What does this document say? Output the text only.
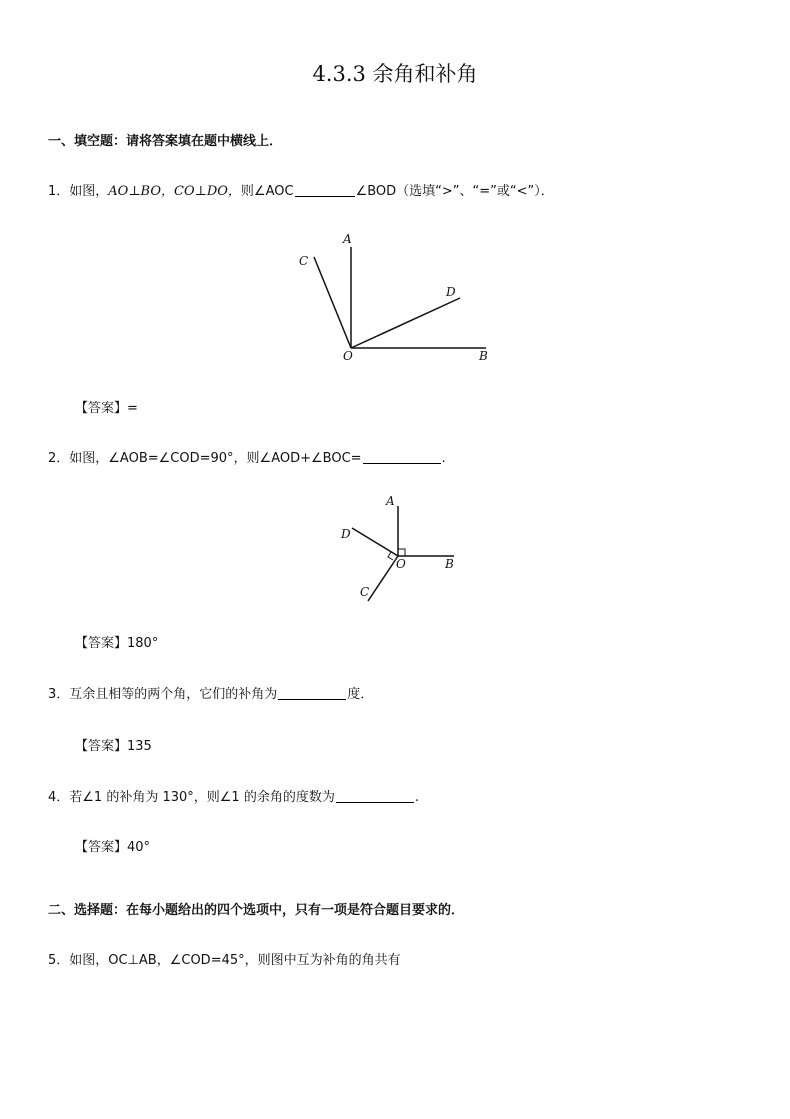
4.3.3 余角和补角
一、填空题：请将答案填在题中横线上．
1．如图，AO⊥BO，CO⊥DO，则∠AOC	∠BOD（选填“>”、“=”或“<”）．
A
C
D
O	B
A
D
O	B
C
【答案】=
2．如图，∠AOB=∠COD=90°，则∠AOD+∠BOC=	.
【答案】180°
3．互余且相等的两个角，它们的补角为	度．
【答案】135
4．若∠1 的补角为 130°，则∠1 的余角的度数为	.
【答案】40°
二、选择题：在每小题给出的四个选项中，只有一项是符合题目要求的．
5．如图，OC⊥AB，∠COD=45°，则图中互为补角的角共有
